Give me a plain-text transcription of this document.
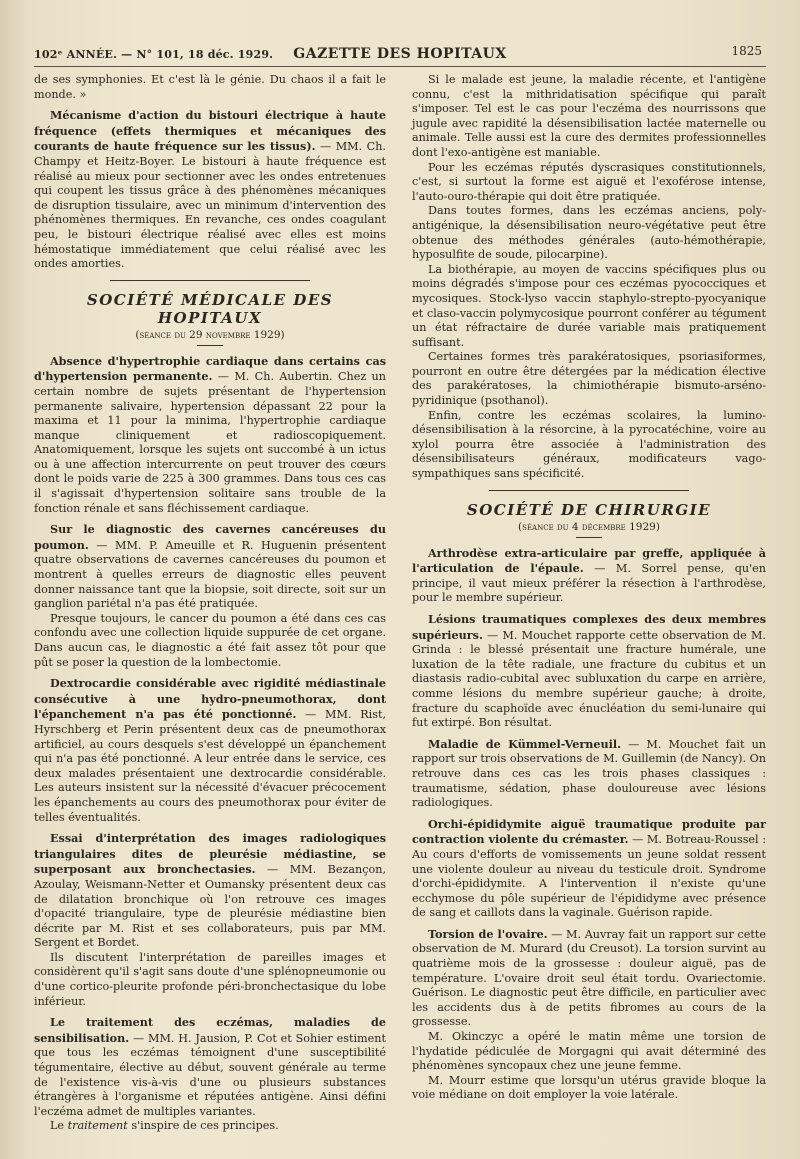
102ᵉ ANNÉE. — N° 101, 18 déc. 1929.	GAZETTE DES HOPITAUX	1825

de ses symphonies. Et c'est là le génie. Du chaos il a fait le monde. »

Mécanisme d'action du bistouri électrique à haute fréquence (effets thermiques et mécaniques des courants de haute fréquence sur les tissus). — MM. Ch. Champy et Heitz-Boyer. Le bistouri à haute fréquence est réalisé au mieux pour sectionner avec les ondes entretenues qui coupent les tissus grâce à des phénomènes mécaniques de disruption tissulaire, avec un minimum d'intervention des phénomènes thermiques. En revanche, ces ondes coagulant peu, le bistouri électrique réalisé avec elles est moins hémostatique immédiatement que celui réalisé avec les ondes amorties.

SOCIÉTÉ MÉDICALE DES HOPITAUX
(séance du 29 novembre 1929)

Absence d'hypertrophie cardiaque dans certains cas d'hypertension permanente. — M. Ch. Aubertin. Chez un certain nombre de sujets présentant de l'hypertension permanente salivaire, hypertension dépassant 22 pour la maxima et 11 pour la minima, l'hypertrophie cardiaque manque cliniquement et radioscopiquement. Anatomiquement, lorsque les sujets ont succombé à un ictus ou à une affection intercurrente on peut trouver des cœurs dont le poids varie de 225 à 300 grammes. Dans tous ces cas il s'agissait d'hypertension solitaire sans trouble de la fonction rénale et sans fléchissement cardiaque.

Sur le diagnostic des cavernes cancéreuses du poumon. — MM. P. Ameuille et R. Huguenin présentent quatre observations de cavernes cancéreuses du poumon et montrent à quelles erreurs de diagnostic elles peuvent donner naissance tant que la biopsie, soit directe, soit sur un ganglion pariétal n'a pas été pratiquée.

Presque toujours, le cancer du poumon a été dans ces cas confondu avec une collection liquide suppurée de cet organe. Dans aucun cas, le diagnostic a été fait assez tôt pour que pût se poser la question de la lombectomie.

Dextrocardie considérable avec rigidité médiastinale consécutive à une hydro-pneumothorax, dont l'épanchement n'a pas été ponctionné. — MM. Rist, Hyrschberg et Perin présentent deux cas de pneumothorax artificiel, au cours desquels s'est développé un épanchement qui n'a pas été ponctionné. A leur entrée dans le service, ces deux malades présentaient une dextrocardie considérable. Les auteurs insistent sur la nécessité d'évacuer précocement les épanchements au cours des pneumothorax pour éviter de telles éventualités.

Essai d'interprétation des images radiologiques triangulaires dites de pleurésie médiastine, se superposant aux bronchectasies. — MM. Bezançon, Azoulay, Weismann-Netter et Oumansky présentent deux cas de dilatation bronchique où l'on retrouve ces images d'opacité triangulaire, type de pleurésie médiastine bien décrite par M. Rist et ses collaborateurs, puis par MM. Sergent et Bordet.

Ils discutent l'interprétation de pareilles images et considèrent qu'il s'agit sans doute d'une splénopneumonie ou d'une cortico-pleurite profonde péri-bronchectasique du lobe inférieur.

Le traitement des eczémas, maladies de sensibilisation. — MM. H. Jausion, P. Cot et Sohier estiment que tous les eczémas témoignent d'une susceptibilité tégumentaire, élective au début, souvent générale au terme de l'existence vis-à-vis d'une ou plusieurs substances étrangères à l'organisme et réputées antigène. Ainsi défini l'eczéma admet de multiples variantes.

Le traitement s'inspire de ces principes.

Si le malade est jeune, la maladie récente, et l'antigène connu, c'est la mithridatisation spécifique qui paraît s'imposer. Tel est le cas pour l'eczéma des nourrissons que jugule avec rapidité la désensibilisation lactée maternelle ou animale. Telle aussi est la cure des dermites professionnelles dont l'exo-antigène est maniable.

Pour les eczémas réputés dyscrasiques constitutionnels, c'est, si surtout la forme est aiguë et l'exoférose intense, l'auto-ouro-thérapie qui doit être pratiquée.

Dans toutes formes, dans les eczémas anciens, poly-antigénique, la désensibilisation neuro-végétative peut être obtenue des méthodes générales (auto-hémothérapie, hyposulfite de soude, pilocarpine).

La biothérapie, au moyen de vaccins spécifiques plus ou moins dégradés s'impose pour ces eczémas pyococciques et mycosiques. Stock-lyso vaccin staphylo-strepto-pyocyanique et claso-vaccin polymycosique pourront conférer au tégument un état réfractaire de durée variable mais pratiquement suffisant.

Certaines formes très parakératosiques, psoriasiformes, pourront en outre être détergées par la médication élective des parakératoses, la chimiothérapie bismuto-arséno-pyridinique (psothanol).

Enfin, contre les eczémas scolaires, la lumino-désensibilisation à la résorcine, à la pyrocatéchine, voire au xylol pourra être associée à l'administration des désensibilisateurs généraux, modificateurs vago-sympathiques sans spécificité.

SOCIÉTÉ DE CHIRURGIE
(séance du 4 décembre 1929)

Arthrodèse extra-articulaire par greffe, appliquée à l'articulation de l'épaule. — M. Sorrel pense, qu'en principe, il vaut mieux préférer la résection à l'arthrodèse, pour le membre supérieur.

Lésions traumatiques complexes des deux membres supérieurs. — M. Mouchet rapporte cette observation de M. Grinda : le blessé présentait une fracture humérale, une luxation de la tête radiale, une fracture du cubitus et un diastasis radio-cubital avec subluxation du carpe en arrière, comme lésions du membre supérieur gauche; à droite, fracture du scaphoïde avec énucléation du semi-lunaire qui fut extirpé. Bon résultat.

Maladie de Kümmel-Verneuil. — M. Mouchet fait un rapport sur trois observations de M. Guillemin (de Nancy). On retrouve dans ces cas les trois phases classiques : traumatisme, sédation, phase douloureuse avec lésions radiologiques.

Orchi-épididymite aiguë traumatique produite par contraction violente du crémaster. — M. Botreau-Roussel : Au cours d'efforts de vomissements un jeune soldat ressent une violente douleur au niveau du testicule droit. Syndrome d'orchi-épididymite. A l'intervention il n'existe qu'une ecchymose du pôle supérieur de l'épididyme avec présence de sang et caillots dans la vaginale. Guérison rapide.

Torsion de l'ovaire. — M. Auvray fait un rapport sur cette observation de M. Murard (du Creusot). La torsion survint au quatrième mois de la grossesse : douleur aiguë, pas de température. L'ovaire droit seul était tordu. Ovariectomie. Guérison. Le diagnostic peut être difficile, en particulier avec les accidents dus à de petits fibromes au cours de la grossesse.

M. Okinczyc a opéré le matin même une torsion de l'hydatide pédiculée de Morgagni qui avait déterminé des phénomènes syncopaux chez une jeune femme.

M. Mourr estime que lorsqu'un utérus gravide bloque la voie médiane on doit employer la voie latérale.
